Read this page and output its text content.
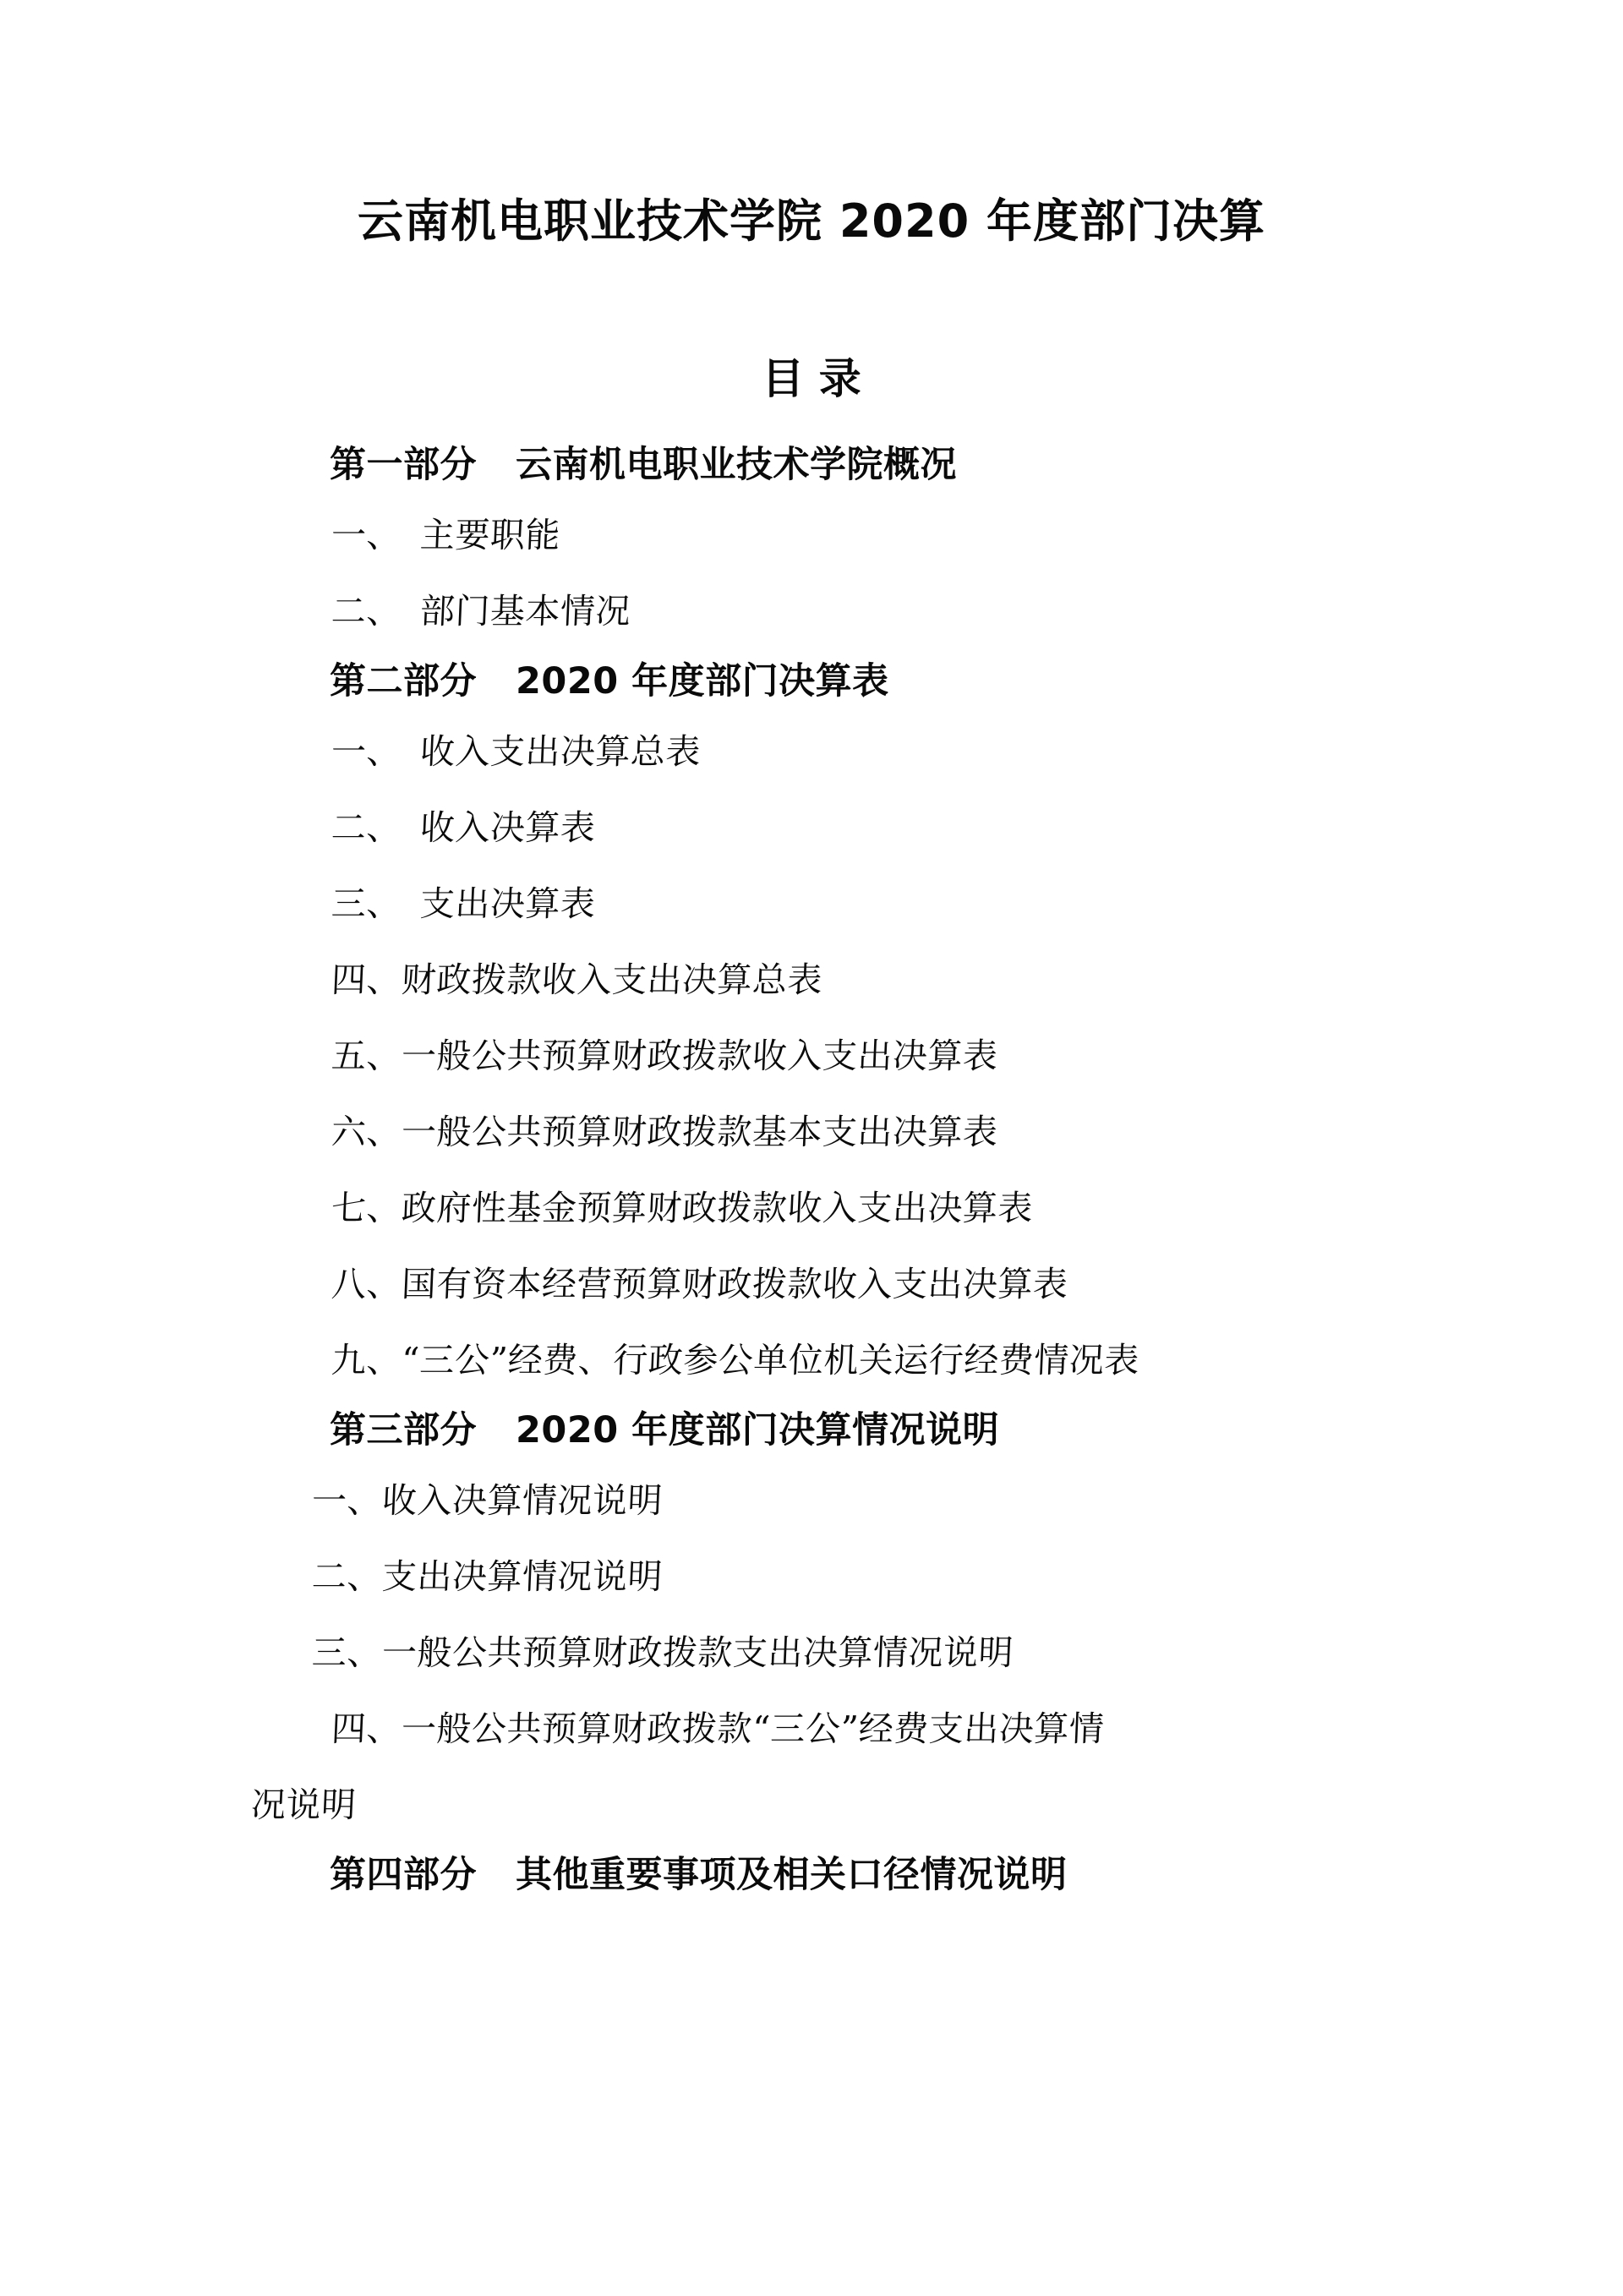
云南机电职业技术学院 2020 年度部门决算
目 录
第一部分 云南机电职业技术学院概况
一、 主要职能
二、 部门基本情况
第二部分 2020 年度部门决算表
一、 收入支出决算总表
二、 收入决算表
三、 支出决算表
四、财政拨款收入支出决算总表
五、一般公共预算财政拨款收入支出决算表
六、一般公共预算财政拨款基本支出决算表
七、政府性基金预算财政拨款收入支出决算表
八、国有资本经营预算财政拨款收入支出决算表
九、“三公”经费、行政参公单位机关运行经费情况表
第三部分 2020 年度部门决算情况说明
一、收入决算情况说明
二、支出决算情况说明
三、一般公共预算财政拨款支出决算情况说明
四、一般公共预算财政拨款“三公”经费支出决算情
况说明
第四部分 其他重要事项及相关口径情况说明
